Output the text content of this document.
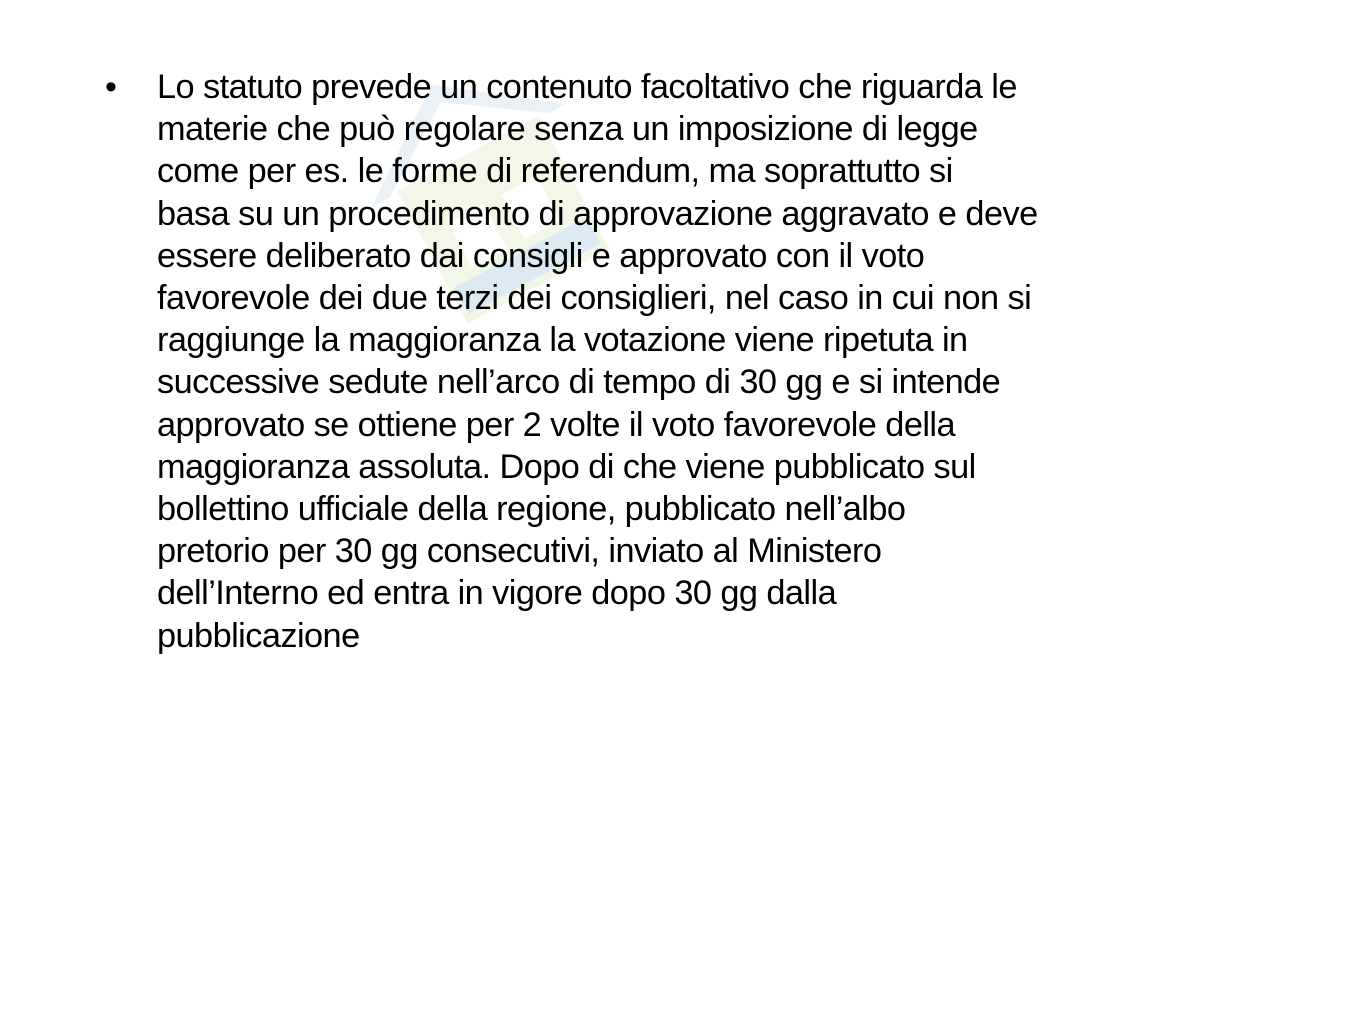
• Lo statuto prevede un contenuto facoltativo che riguarda le
materie che può regolare senza un imposizione di legge
come per es. le forme di referendum, ma soprattutto si
basa su un procedimento di approvazione aggravato e deve
essere deliberato dai consigli e approvato con il voto
favorevole dei due terzi dei consiglieri, nel caso in cui non si
raggiunge la maggioranza la votazione viene ripetuta in
successive sedute nell’arco di tempo di 30 gg e si intende
approvato se ottiene per 2 volte il voto favorevole della
maggioranza assoluta. Dopo di che viene pubblicato sul
bollettino ufficiale della regione, pubblicato nell’albo
pretorio per 30 gg consecutivi, inviato al Ministero
dell’Interno ed entra in vigore dopo 30 gg dalla
pubblicazione
